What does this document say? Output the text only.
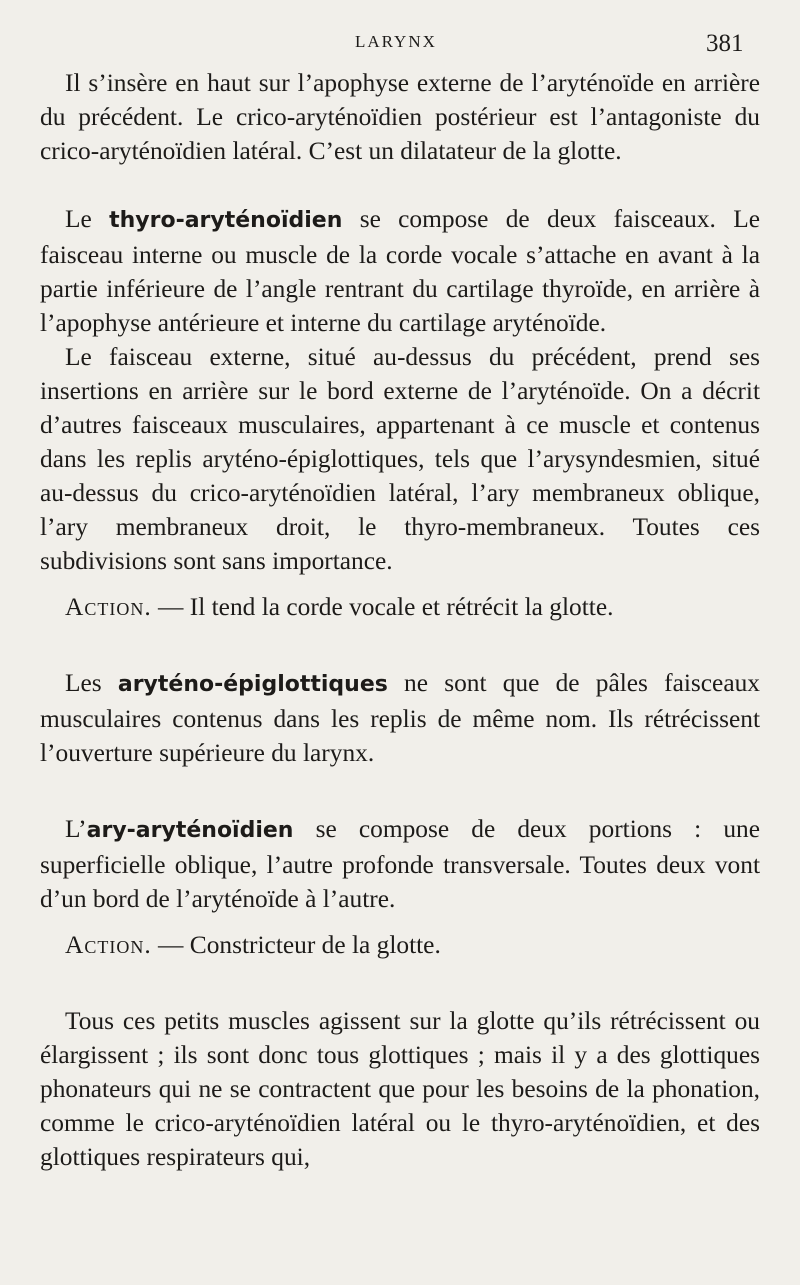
LARYNX	381

Il s’insère en haut sur l’apophyse externe de l’aryténoïde en arrière du précédent. Le crico-aryténoïdien postérieur est l’antagoniste du crico-aryténoïdien latéral. C’est un dilatateur de la glotte.

Le thyro-aryténoïdien se compose de deux faisceaux. Le faisceau interne ou muscle de la corde vocale s’attache en avant à la partie inférieure de l’angle rentrant du cartilage thyroïde, en arrière à l’apophyse antérieure et interne du cartilage aryténoïde.

Le faisceau externe, situé au-dessus du précédent, prend ses insertions en arrière sur le bord externe de l’aryténoïde. On a décrit d’autres faisceaux musculaires, appartenant à ce muscle et contenus dans les replis aryténo-épiglottiques, tels que l’arysyndesmien, situé au-dessus du crico-aryténoïdien latéral, l’ary membraneux oblique, l’ary membraneux droit, le thyro-membraneux. Toutes ces subdivisions sont sans importance.

Action. — Il tend la corde vocale et rétrécit la glotte.

Les aryténo-épiglottiques ne sont que de pâles faisceaux musculaires contenus dans les replis de même nom. Ils rétrécissent l’ouverture supérieure du larynx.

L’ary-aryténoïdien se compose de deux portions : une superficielle oblique, l’autre profonde transversale. Toutes deux vont d’un bord de l’aryténoïde à l’autre.

Action. — Constricteur de la glotte.

Tous ces petits muscles agissent sur la glotte qu’ils rétrécissent ou élargissent ; ils sont donc tous glottiques ; mais il y a des glottiques phonateurs qui ne se contractent que pour les besoins de la phonation, comme le crico-aryténoïdien latéral ou le thyro-aryténoïdien, et des glottiques respirateurs qui,
